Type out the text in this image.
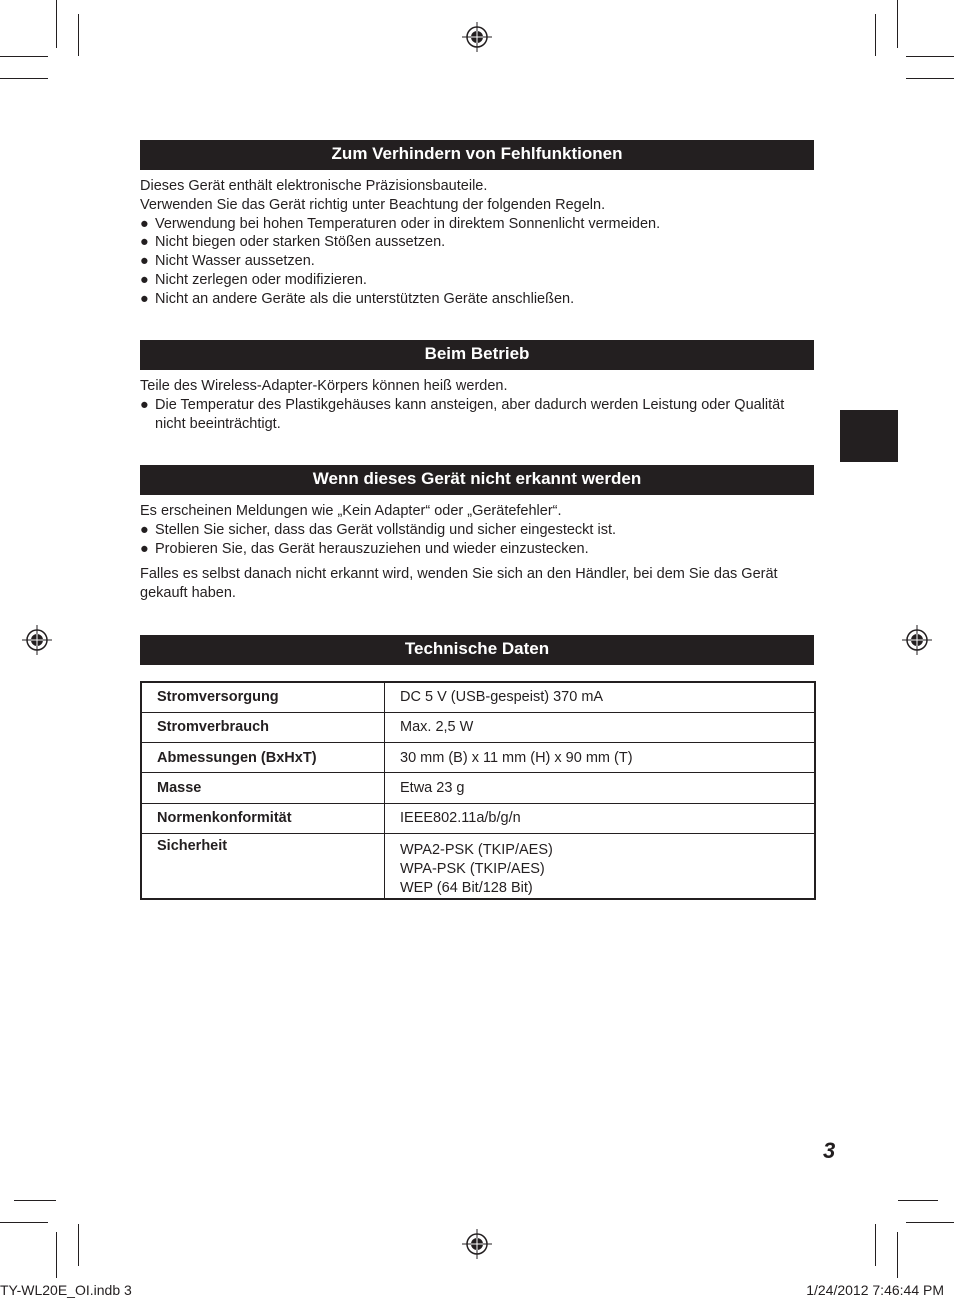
Zum Verhindern von Fehlfunktionen

Dieses Gerät enthält elektronische Präzisionsbauteile.

Verwenden Sie das Gerät richtig unter Beachtung der folgenden Regeln.

● Verwendung bei hohen Temperaturen oder in direktem Sonnenlicht vermeiden.

● Nicht biegen oder starken Stößen aussetzen.

● Nicht Wasser aussetzen.

● Nicht zerlegen oder modifizieren.

● Nicht an andere Geräte als die unterstützten Geräte anschließen.

Beim Betrieb

Teile des Wireless-Adapter-Körpers können heiß werden.

● Die Temperatur des Plastikgehäuses kann ansteigen, aber dadurch werden Leistung oder Qualität nicht beeinträchtigt.

Wenn dieses Gerät nicht erkannt werden

Es erscheinen Meldungen wie „Kein Adapter“ oder „Gerätefehler“.

● Stellen Sie sicher, dass das Gerät vollständig und sicher eingesteckt ist.

● Probieren Sie, das Gerät herauszuziehen und wieder einzustecken.

Falles es selbst danach nicht erkannt wird, wenden Sie sich an den Händler, bei dem Sie das Gerät gekauft haben.

Technische Daten
Stromversorgung	DC 5 V (USB-gespeist) 370 mA
Stromverbrauch	Max. 2,5 W
Abmessungen (BxHxT)	30 mm (B) x 11 mm (H) x 90 mm (T)
Masse	Etwa 23 g
Normenkonformität	IEEE802.11a/b/g/n
Sicherheit	WPA2-PSK (TKIP/AES)
WPA-PSK (TKIP/AES)
WEP (64 Bit/128 Bit)
3
TY-WL20E_OI.indb 3	1/24/2012 7:46:44 PM
